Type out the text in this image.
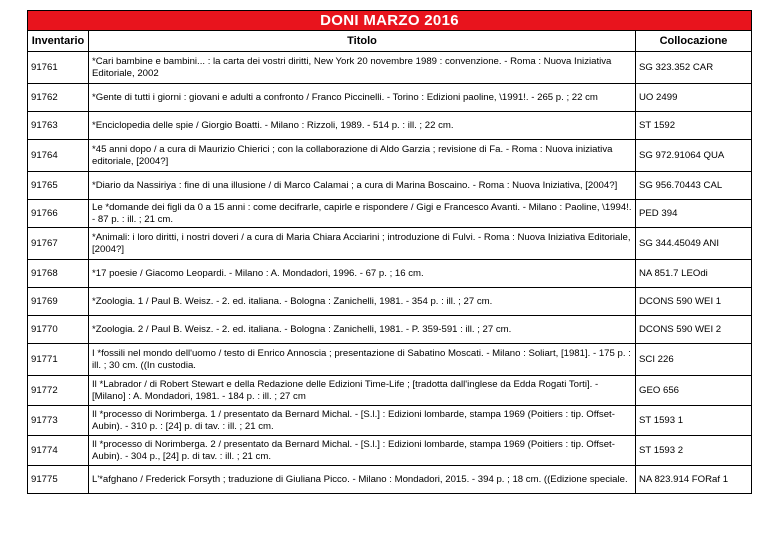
DONI MARZO 2016		
Inventario	Titolo	Collocazione
91761	*Cari bambine e bambini... : la carta dei vostri diritti, New York 20 novembre 1989 : convenzione. - Roma : Nuova Iniziativa Editoriale, 2002	SG 323.352 CAR
91762	*Gente di tutti i giorni : giovani e adulti a confronto / Franco Piccinelli. - Torino : Edizioni paoline, \1991!. - 265 p. ; 22 cm	UO 2499
91763	*Enciclopedia delle spie / Giorgio Boatti. - Milano : Rizzoli, 1989. - 514 p. : ill. ; 22 cm.	ST 1592
91764	*45 anni dopo / a cura di Maurizio Chierici ; con la collaborazione di Aldo Garzia ; revisione di Fa. - Roma : Nuova iniziativa editoriale, [2004?]	SG 972.91064 QUA
91765	*Diario da Nassiriya : fine di una illusione / di Marco Calamai ; a cura di Marina Boscaino. - Roma : Nuova Iniziativa, [2004?]	SG 956.70443 CAL
91766	Le *domande dei figli da 0 a 15 anni : come decifrarle, capirle e rispondere / Gigi e Francesco Avanti. - Milano : Paoline, \1994!. - 87 p. : ill. ; 21 cm.	PED 394
91767	*Animali: i loro diritti, i nostri doveri / a cura di Maria Chiara Acciarini ; introduzione di Fulvi. - Roma : Nuova Iniziativa Editoriale, [2004?]	SG 344.45049 ANI
91768	*17 poesie / Giacomo Leopardi. - Milano : A. Mondadori, 1996. - 67 p. ; 16 cm.	NA 851.7 LEOdi
91769	*Zoologia. 1 / Paul B. Weisz. - 2. ed. italiana. - Bologna : Zanichelli, 1981. - 354 p. : ill. ; 27 cm.	DCONS 590 WEI 1
91770	*Zoologia. 2 / Paul B. Weisz. - 2. ed. italiana. - Bologna : Zanichelli, 1981. - P. 359-591 : ill. ; 27 cm.	DCONS 590 WEI 2
91771	I *fossili nel mondo dell'uomo / testo di Enrico Annoscia ; presentazione di Sabatino Moscati. - Milano : Soliart, [1981]. - 175 p. : ill. ; 30 cm. ((In custodia.	SCI 226
91772	Il *Labrador / di Robert Stewart e della Redazione delle Edizioni Time-Life ; [tradotta dall'inglese da Edda Rogati Torti]. - [Milano] : A. Mondadori, 1981. - 184 p. : ill. ; 27 cm	GEO 656
91773	Il *processo di Norimberga. 1 / presentato da Bernard Michal. - [S.l.] : Edizioni lombarde, stampa 1969 (Poitiers : tip. Offset-Aubin). - 310 p. : [24] p. di tav. : ill. ; 21 cm.	ST 1593 1
91774	Il *processo di Norimberga. 2 / presentato da Bernard Michal. - [S.l.] : Edizioni lombarde, stampa 1969 (Poitiers : tip. Offset-Aubin). - 304 p., [24] p. di tav. : ill. ; 21 cm.	ST 1593 2
91775	L'*afghano / Frederick Forsyth ; traduzione di Giuliana Picco. - Milano : Mondadori, 2015. - 394 p. ; 18 cm. ((Edizione speciale.	NA 823.914 FORaf 1
